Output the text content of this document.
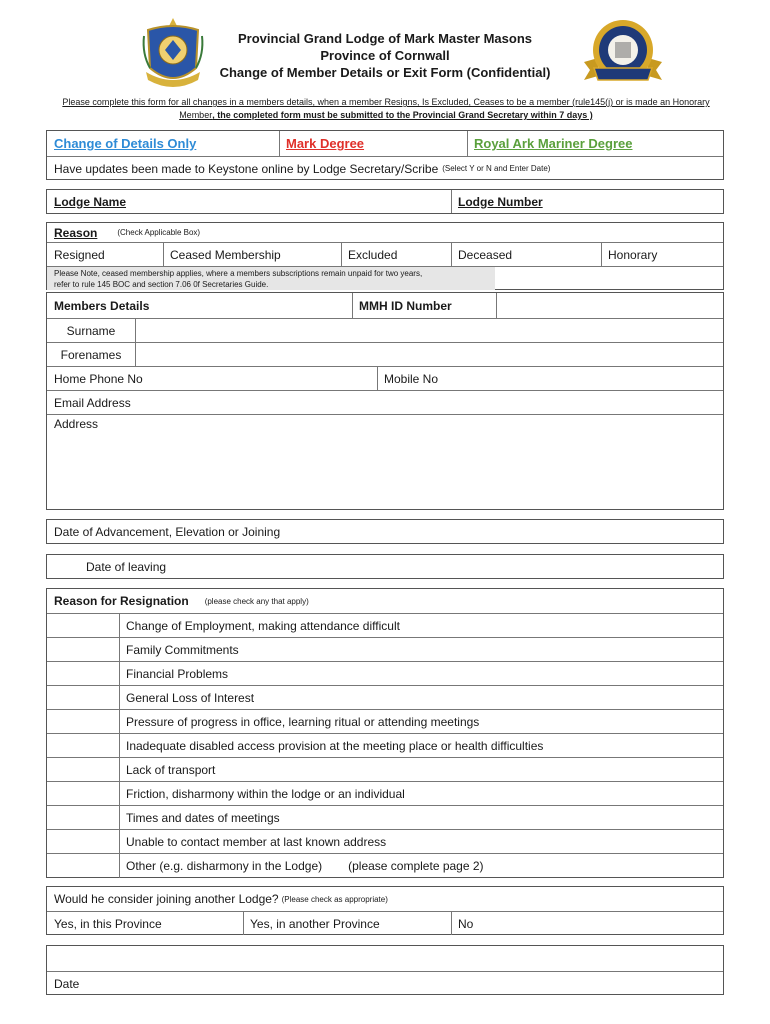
Provincial Grand Lodge of Mark Master Masons
Province of Cornwall
Change of Member Details or Exit Form (Confidential)
Please complete this form for all changes in a members details, when a member Resigns, Is Excluded, Ceases to be a member (rule145(j) or is made an Honorary Member, the completed form must be submitted to the Provincial Grand Secretary within 7 days )
Change of Details Only	Mark Degree	Royal Ark Mariner Degree
Have updates been made to Keystone online by Lodge Secretary/Scribe (Select Y or N and Enter Date)
Lodge Name	Lodge Number
Reason	(Check Applicable Box)
Resigned	Ceased Membership	Excluded	Deceased	Honorary
Please Note, ceased membership applies, where a members subscriptions remain unpaid for two years,
refer to rule 145 BOC and section 7.06 0f Secretaries Guide.
Members Details	MMH ID Number
Surname
Forenames
Home Phone No	Mobile No
Email Address
Address
Date of Advancement, Elevation or Joining
Date of leaving
Reason for Resignation (please check any that apply)
Change of Employment, making attendance difficult
Family Commitments
Financial Problems
General Loss of Interest
Pressure of progress in office, learning ritual or attending meetings
Inadequate disabled access provision at the meeting place or health difficulties
Lack of transport
Friction, disharmony within the lodge or an individual
Times and dates of meetings
Unable to contact member at last known address
Other (e.g. disharmony in the Lodge) (please complete page 2)
Would he consider joining another Lodge? (Please check as appropriate)
Yes, in this Province	Yes, in another Province	No
Date
